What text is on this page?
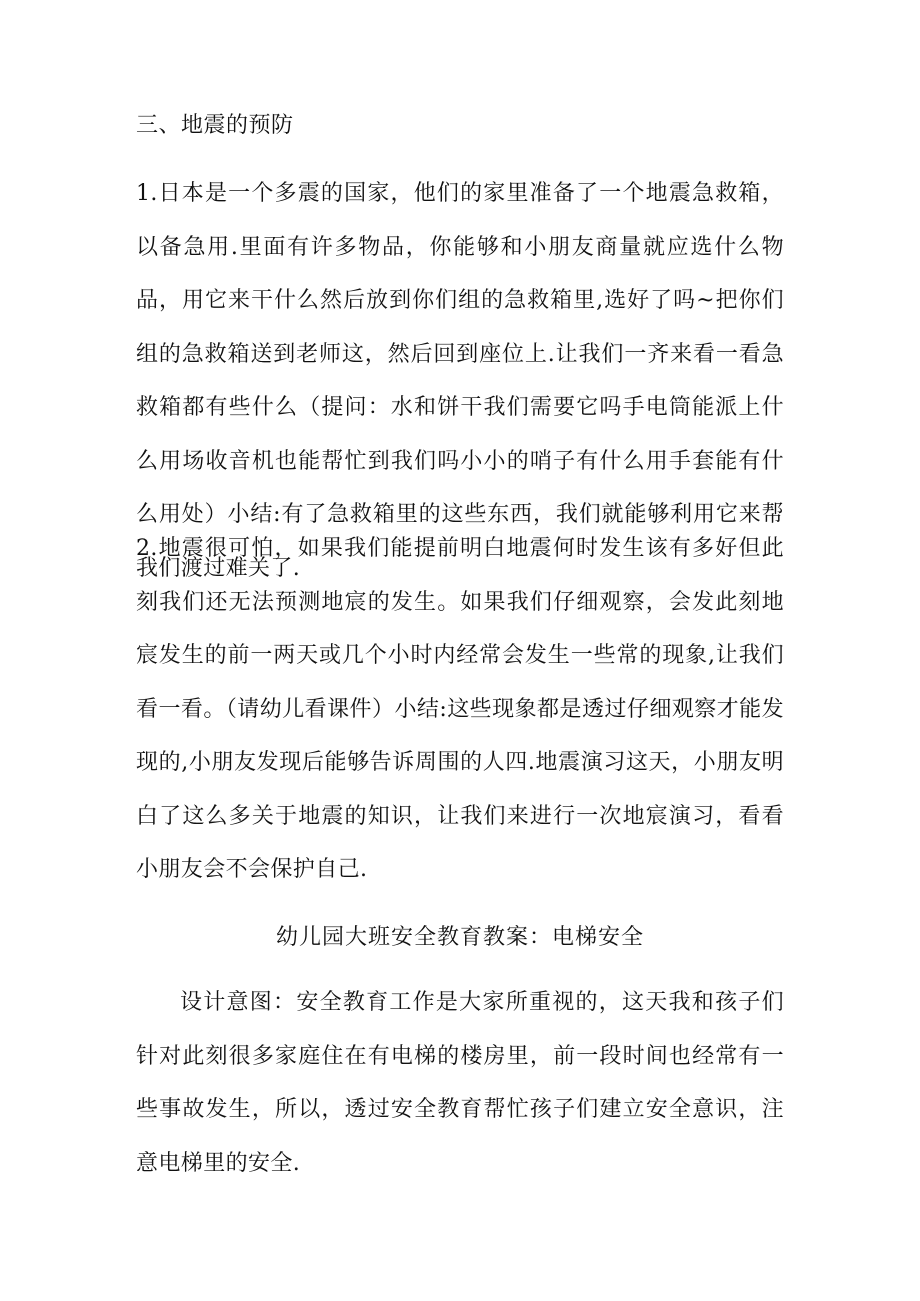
三、地震的预防

1.日本是一个多震的国家，他们的家里准备了一个地震急救箱，以备急用.里面有许多物品，你能够和小朋友商量就应选什么物品，用它来干什么然后放到你们组的急救箱里,选好了吗~把你们组的急救箱送到老师这，然后回到座位上.让我们一齐来看一看急救箱都有些什么（提问：水和饼干我们需要它吗手电筒能派上什么用场收音机也能帮忙到我们吗小小的哨子有什么用手套能有什么用处）小结:有了急救箱里的这些东西，我们就能够利用它来帮我们渡过难关了.

2.地震很可怕，如果我们能提前明白地震何时发生该有多好但此刻我们还无法预测地宸的发生。如果我们仔细观察，会发此刻地宸发生的前一两天或几个小时内经常会发生一些常的现象,让我们看一看。（请幼儿看课件）小结:这些现象都是透过仔细观察才能发现的,小朋友发现后能够告诉周围的人四.地震演习这天，小朋友明白了这么多关于地震的知识，让我们来进行一次地宸演习，看看小朋友会不会保护自己.

幼儿园大班安全教育教案：电梯安全

设计意图：安全教育工作是大家所重视的，这天我和孩子们针对此刻很多家庭住在有电梯的楼房里，前一段时间也经常有一些事故发生，所以，透过安全教育帮忙孩子们建立安全意识，注意电梯里的安全.
